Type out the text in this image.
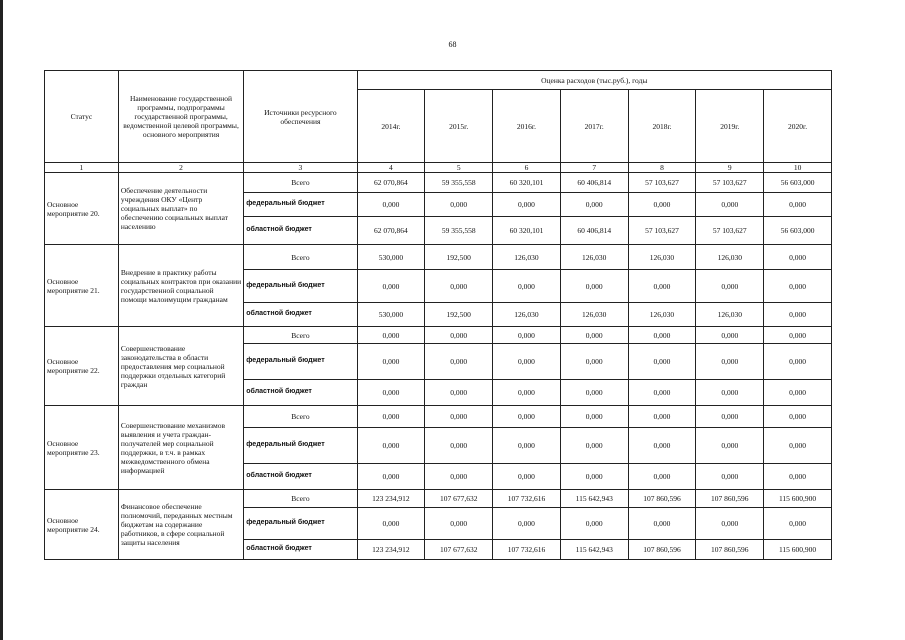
68
Статус	Наименование государственной программы, подпрограммы государственной программы, ведомственной целевой программы, основного мероприятия	Источники ресурсного обеспечения	Оценка расходов (тыс.руб.), годы						
			2014г.	2015г.	2016г.	2017г.	2018г.	2019г.	2020г.
1	2	3	4	5	6	7	8	9	10
Основное мероприятие 20.	Обеспечение деятельности учреждения ОКУ «Центр социальных выплат» по обеспечению социальных выплат населению	Всего	62 070,864	59 355,558	60 320,101	60 406,814	57 103,627	57 103,627	56 603,000
		федеральный бюджет	0,000	0,000	0,000	0,000	0,000	0,000	0,000
		областной бюджет	62 070,864	59 355,558	60 320,101	60 406,814	57 103,627	57 103,627	56 603,000
Основное мероприятие 21.	Внедрение в практику работы социальных контрактов при оказании государственной социальной помощи малоимущим гражданам	Всего	530,000	192,500	126,030	126,030	126,030	126,030	0,000
		федеральный бюджет	0,000	0,000	0,000	0,000	0,000	0,000	0,000
		областной бюджет	530,000	192,500	126,030	126,030	126,030	126,030	0,000
Основное мероприятие 22.	Совершенствование законодательства в области предоставления мер социальной поддержки отдельных категорий граждан	Всего	0,000	0,000	0,000	0,000	0,000	0,000	0,000
		федеральный бюджет	0,000	0,000	0,000	0,000	0,000	0,000	0,000
		областной бюджет	0,000	0,000	0,000	0,000	0,000	0,000	0,000
Основное мероприятие 23.	Совершенствование механизмов выявления и учета граждан-получателей мер социальной поддержки, в т.ч. в рамках межведомственного обмена информацией	Всего	0,000	0,000	0,000	0,000	0,000	0,000	0,000
		федеральный бюджет	0,000	0,000	0,000	0,000	0,000	0,000	0,000
		областной бюджет	0,000	0,000	0,000	0,000	0,000	0,000	0,000
Основное мероприятие 24.	Финансовое обеспечение полномочий, переданных местным бюджетам на содержание работников, в сфере социальной защиты населения	Всего	123 234,912	107 677,632	107 732,616	115 642,943	107 860,596	107 860,596	115 600,900
		федеральный бюджет	0,000	0,000	0,000	0,000	0,000	0,000	0,000
		областной бюджет	123 234,912	107 677,632	107 732,616	115 642,943	107 860,596	107 860,596	115 600,900
